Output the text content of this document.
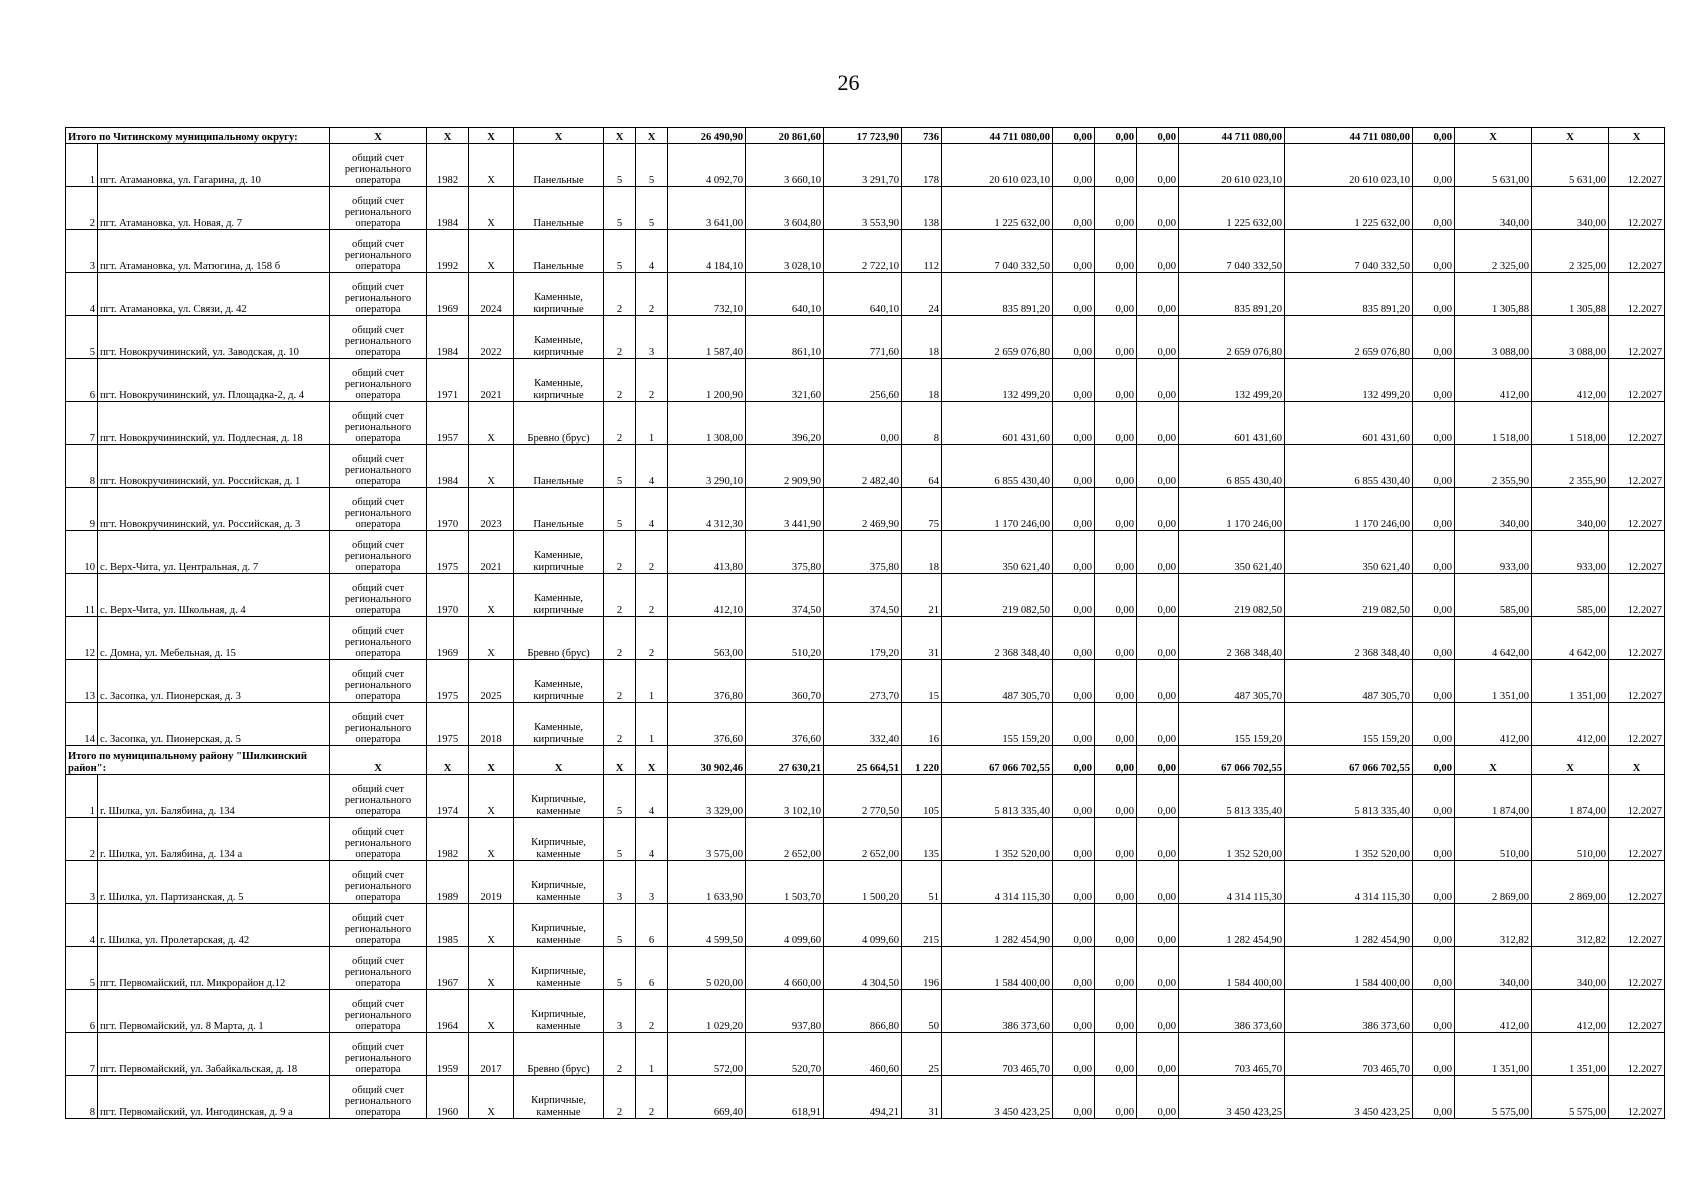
26
Итого по Читинскому муниципальному округу:		X	X	X	X	X	X	26 490,90	20 861,60	17 723,90	736	44 711 080,00	0,00	0,00	0,00	44 711 080,00	44 711 080,00	0,00	X	X	X
1	пгт. Атамановка, ул. Гагарина, д. 10	общий счет регионального оператора	1982	X	Панельные	5	5	4 092,70	3 660,10	3 291,70	178	20 610 023,10	0,00	0,00	0,00	20 610 023,10	20 610 023,10	0,00	5 631,00	5 631,00	12.2027
2	пгт. Атамановка, ул. Новая, д. 7	общий счет регионального оператора	1984	X	Панельные	5	5	3 641,00	3 604,80	3 553,90	138	1 225 632,00	0,00	0,00	0,00	1 225 632,00	1 225 632,00	0,00	340,00	340,00	12.2027
3	пгт. Атамановка, ул. Матюгина, д. 158 б	общий счет регионального оператора	1992	X	Панельные	5	4	4 184,10	3 028,10	2 722,10	112	7 040 332,50	0,00	0,00	0,00	7 040 332,50	7 040 332,50	0,00	2 325,00	2 325,00	12.2027
4	пгт. Атамановка, ул. Связи, д. 42	общий счет регионального оператора	1969	2024	Каменные, кирпичные	2	2	732,10	640,10	640,10	24	835 891,20	0,00	0,00	0,00	835 891,20	835 891,20	0,00	1 305,88	1 305,88	12.2027
5	пгт. Новокручининский, ул. Заводская, д. 10	общий счет регионального оператора	1984	2022	Каменные, кирпичные	2	3	1 587,40	861,10	771,60	18	2 659 076,80	0,00	0,00	0,00	2 659 076,80	2 659 076,80	0,00	3 088,00	3 088,00	12.2027
6	пгт. Новокручининский, ул. Площадка-2, д. 4	общий счет регионального оператора	1971	2021	Каменные, кирпичные	2	2	1 200,90	321,60	256,60	18	132 499,20	0,00	0,00	0,00	132 499,20	132 499,20	0,00	412,00	412,00	12.2027
7	пгт. Новокручининский, ул. Подлесная, д. 18	общий счет регионального оператора	1957	X	Бревно (брус)	2	1	1 308,00	396,20	0,00	8	601 431,60	0,00	0,00	0,00	601 431,60	601 431,60	0,00	1 518,00	1 518,00	12.2027
8	пгт. Новокручининский, ул. Российская, д. 1	общий счет регионального оператора	1984	X	Панельные	5	4	3 290,10	2 909,90	2 482,40	64	6 855 430,40	0,00	0,00	0,00	6 855 430,40	6 855 430,40	0,00	2 355,90	2 355,90	12.2027
9	пгт. Новокручининский, ул. Российская, д. 3	общий счет регионального оператора	1970	2023	Панельные	5	4	4 312,30	3 441,90	2 469,90	75	1 170 246,00	0,00	0,00	0,00	1 170 246,00	1 170 246,00	0,00	340,00	340,00	12.2027
10	с. Верх-Чита, ул. Центральная, д. 7	общий счет регионального оператора	1975	2021	Каменные, кирпичные	2	2	413,80	375,80	375,80	18	350 621,40	0,00	0,00	0,00	350 621,40	350 621,40	0,00	933,00	933,00	12.2027
11	с. Верх-Чита, ул. Школьная, д. 4	общий счет регионального оператора	1970	X	Каменные, кирпичные	2	2	412,10	374,50	374,50	21	219 082,50	0,00	0,00	0,00	219 082,50	219 082,50	0,00	585,00	585,00	12.2027
12	с. Домна, ул. Мебельная, д. 15	общий счет регионального оператора	1969	X	Бревно (брус)	2	2	563,00	510,20	179,20	31	2 368 348,40	0,00	0,00	0,00	2 368 348,40	2 368 348,40	0,00	4 642,00	4 642,00	12.2027
13	с. Засопка, ул. Пионерская, д. 3	общий счет регионального оператора	1975	2025	Каменные, кирпичные	2	1	376,80	360,70	273,70	15	487 305,70	0,00	0,00	0,00	487 305,70	487 305,70	0,00	1 351,00	1 351,00	12.2027
14	с. Засопка, ул. Пионерская, д. 5	общий счет регионального оператора	1975	2018	Каменные, кирпичные	2	1	376,60	376,60	332,40	16	155 159,20	0,00	0,00	0,00	155 159,20	155 159,20	0,00	412,00	412,00	12.2027
Итого по муниципальному району "Шилкинский район":		X	X	X	X	X	X	30 902,46	27 630,21	25 664,51	1 220	67 066 702,55	0,00	0,00	0,00	67 066 702,55	67 066 702,55	0,00	X	X	X
1	г. Шилка, ул. Балябина, д. 134	общий счет регионального оператора	1974	X	Кирпичные, каменные	5	4	3 329,00	3 102,10	2 770,50	105	5 813 335,40	0,00	0,00	0,00	5 813 335,40	5 813 335,40	0,00	1 874,00	1 874,00	12.2027
2	г. Шилка, ул. Балябина, д. 134 а	общий счет регионального оператора	1982	X	Кирпичные, каменные	5	4	3 575,00	2 652,00	2 652,00	135	1 352 520,00	0,00	0,00	0,00	1 352 520,00	1 352 520,00	0,00	510,00	510,00	12.2027
3	г. Шилка, ул. Партизанская, д. 5	общий счет регионального оператора	1989	2019	Кирпичные, каменные	3	3	1 633,90	1 503,70	1 500,20	51	4 314 115,30	0,00	0,00	0,00	4 314 115,30	4 314 115,30	0,00	2 869,00	2 869,00	12.2027
4	г. Шилка, ул. Пролетарская, д. 42	общий счет регионального оператора	1985	X	Кирпичные, каменные	5	6	4 599,50	4 099,60	4 099,60	215	1 282 454,90	0,00	0,00	0,00	1 282 454,90	1 282 454,90	0,00	312,82	312,82	12.2027
5	пгт. Первомайский, пл. Микрорайон д.12	общий счет регионального оператора	1967	X	Кирпичные, каменные	5	6	5 020,00	4 660,00	4 304,50	196	1 584 400,00	0,00	0,00	0,00	1 584 400,00	1 584 400,00	0,00	340,00	340,00	12.2027
6	пгт. Первомайский, ул. 8 Марта, д. 1	общий счет регионального оператора	1964	X	Кирпичные, каменные	3	2	1 029,20	937,80	866,80	50	386 373,60	0,00	0,00	0,00	386 373,60	386 373,60	0,00	412,00	412,00	12.2027
7	пгт. Первомайский, ул. Забайкальская, д. 18	общий счет регионального оператора	1959	2017	Бревно (брус)	2	1	572,00	520,70	460,60	25	703 465,70	0,00	0,00	0,00	703 465,70	703 465,70	0,00	1 351,00	1 351,00	12.2027
8	пгт. Первомайский, ул. Ингодинская, д. 9 а	общий счет регионального оператора	1960	X	Кирпичные, каменные	2	2	669,40	618,91	494,21	31	3 450 423,25	0,00	0,00	0,00	3 450 423,25	3 450 423,25	0,00	5 575,00	5 575,00	12.2027
